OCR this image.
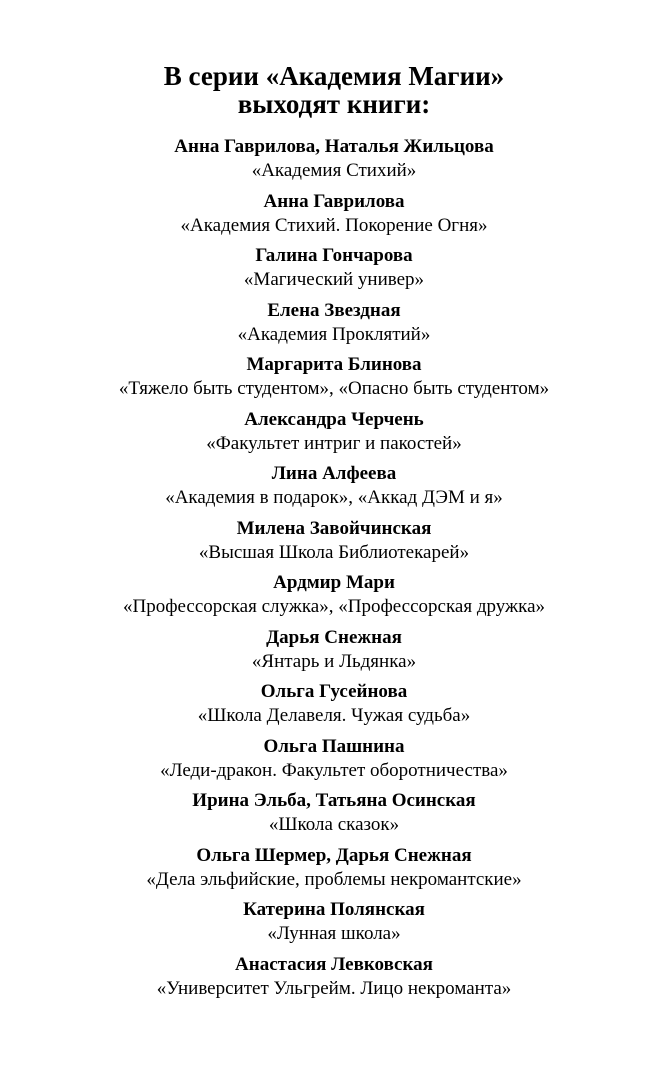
В серии «Академия Магии»
выходят книги:
Анна Гаврилова, Наталья Жильцова
«Академия Стихий»
Анна Гаврилова
«Академия Стихий. Покорение Огня»
Галина Гончарова
«Магический универ»
Елена Звездная
«Академия Проклятий»
Маргарита Блинова
«Тяжело быть студентом», «Опасно быть студентом»
Александра Черчень
«Факультет интриг и пакостей»
Лина Алфеева
«Академия в подарок», «Аккад ДЭМ и я»
Милена Завойчинская
«Высшая Школа Библиотекарей»
Ардмир Мари
«Профессорская служка», «Профессорская дружка»
Дарья Снежная
«Янтарь и Льдянка»
Ольга Гусейнова
«Школа Делавеля. Чужая судьба»
Ольга Пашнина
«Леди-дракон. Факультет оборотничества»
Ирина Эльба, Татьяна Осинская
«Школа сказок»
Ольга Шермер, Дарья Снежная
«Дела эльфийские, проблемы некромантские»
Катерина Полянская
«Лунная школа»
Анастасия Левковская
«Университет Ульгрейм. Лицо некроманта»
